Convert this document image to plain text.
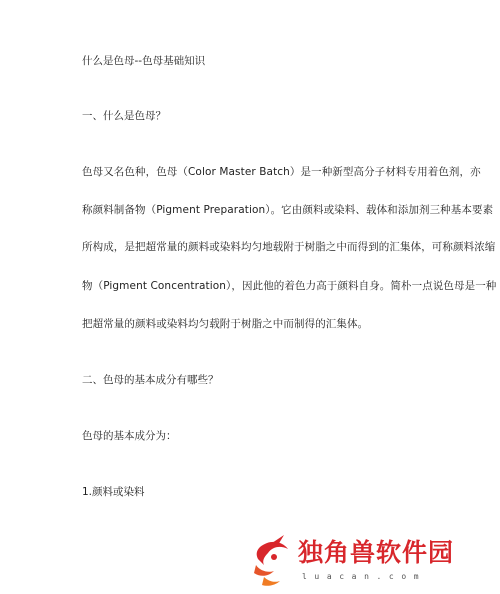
什么是色母--色母基础知识

一、什么是色母？

色母又名色种，色母（Color Master Batch）是一种新型高分子材料专用着色剂，亦

称颜料制备物（Pigment Preparation）。它由颜料或染料、载体和添加剂三种基本要素

所构成，是把超常量的颜料或染料均匀地载附于树脂之中而得到的汇集体，可称颜料浓缩

物（Pigment Concentration），因此他的着色力高于颜料自身。简朴一点说色母是一种

把超常量的颜料或染料均匀载附于树脂之中而制得的汇集体。

二、色母的基本成分有哪些？

色母的基本成分为：

1.颜料或染料

独角兽软件园
luacan.com
